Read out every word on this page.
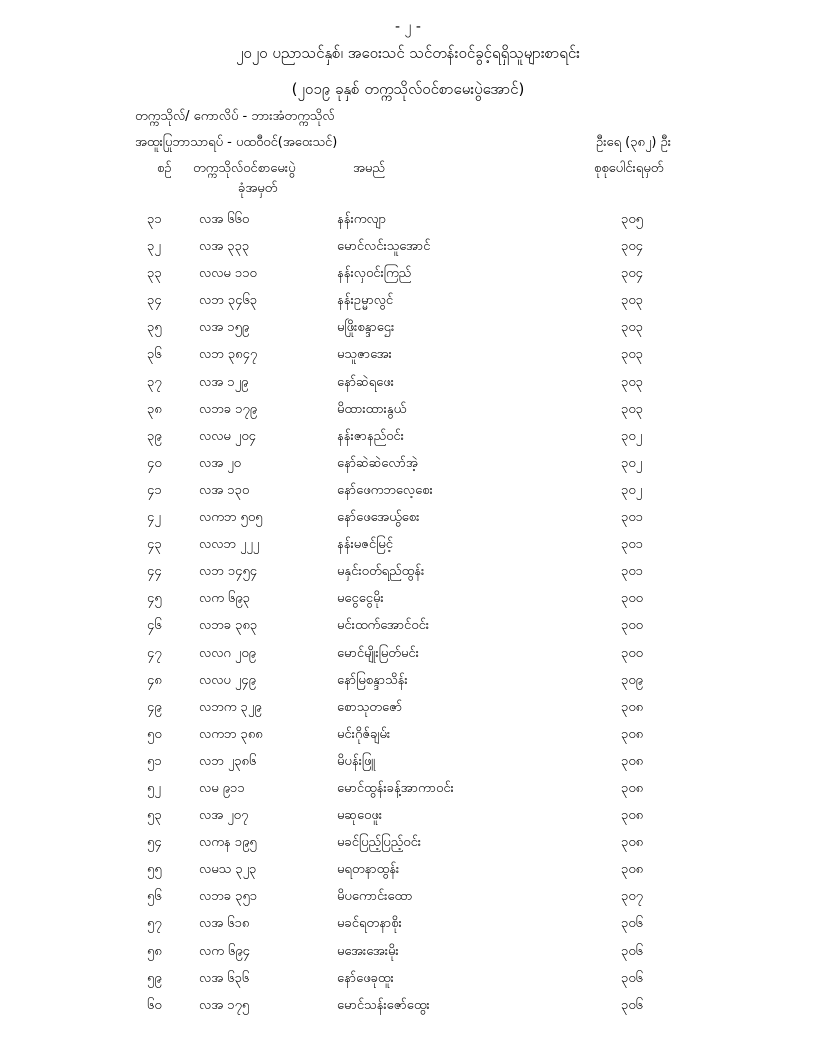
- ၂ -
၂၀၂၀ ပညာသင်နှစ်၊ အဝေးသင် သင်တန်းဝင်ခွင့်ရရှိသူများစာရင်း
(၂၀၁၉ ခုနှစ် တက္ကသိုလ်ဝင်စာမေးပွဲအောင်)
တက္ကသိုလ်/ ကောလိပ် - ဘားအံတက္ကသိုလ်
အထူးပြုဘာသာရပ် - ပထဝီဝင်(အဝေးသင်)	ဦးရေ (၃၈၂) ဦး
စဉ် တက္ကသိုလ်ဝင်စာမေးပွဲ
ခုံအမှတ်
အမည်	စုစုပေါင်းရမှတ်
၃၁	လအ ၆၆၀	နန်းကလျာ	၃၀၅
၃၂	လအ ၃၃၃	မောင်လင်းသူအောင်	၃၀၄
၃၃	လလမ ၁၁၀	နန်းလှဝင်းကြည်	၃၀၄
၃၄	လဘ ၃၄၆၃	နန်းဥမ္မာလွင်	၃၀၃
၃၅	လအ ၁၅၉	မဖြိုးစန္ဒာဌေး	၃၀၃
၃၆	လဘ ၃၈၄၇	မသူဇာအေး	၃၀၃
၃၇	လအ ၁၂၉	နော်ဆဲရဖေး	၃၀၃
၃၈	လဘခ ၁၇၉	မိထားထားနွယ်	၃၀၃
၃၉	လလမ ၂၀၄	နန်းဇာနည်ဝင်း	၃၀၂
၄၀	လအ ၂၀	နော်ဆဲဆဲလော်အဲ့	၃၀၂
၄၁	လအ ၁၃၀	နော်ဖေကဘလေ့စေး	၃၀၂
၄၂	လကဘ ၅၀၅	နော်ဖေအေယွ်စေး	၃၀၁
၄၃	လလဘ ၂၂၂	နန်းမဇင်မြင့်	၃၀၁
၄၄	လဘ ၁၄၅၄	မနှင်းဝတ်ရည်ထွန်း	၃၀၁
၄၅	လက ၆၉၃	မငွေငွေမိုး	၃၀၀
၄၆	လဘခ ၃၈၃	မင်းထက်အောင်ဝင်း	၃၀၀
၄၇	လလဂ ၂၀၉	မောင်မျိုးမြတ်မင်း	၃၀၀
၄၈	လလပ ၂၄၉	နော်မြစန္ဒာသိန်း	၃၀၉
၄၉	လဘက ၃၂၉	စောသုတဇော်	၃၀၈
၅၀	လကဘ ၃၈၈	မင်းဂိုဇ်ချမ်း	၃၀၈
၅၁	လဘ ၂၃၈၆	မိပန်းဖြူ	၃၀၈
၅၂	လမ ၉၁၁	မောင်ထွန်းခန့်အာကာဝင်း	၃၀၈
၅၃	လအ ၂၀၇	မဆုဝေဖူး	၃၀၈
၅၄	လကန ၁၉၅	မခင်ပြည့်ပြည့်ဝင်း	၃၀၈
၅၅	လမသ ၃၂၃	မရတနာထွန်း	၃၀၈
၅၆	လဘခ ၃၅၁	မိပကောင်းထော	၃၀၇
၅၇	လအ ၆၁၈	မခင်ရတနာစိုး	၃၀၆
၅၈	လက ၆၉၄	မအေးအေးမိုး	၃၀၆
၅၉	လအ ၆၃၆	နော်ဖေခုထူး	၃၀၆
၆၀	လအ ၁၇၅	မောင်သန်းဇော်ထွေး	၃၀၆
